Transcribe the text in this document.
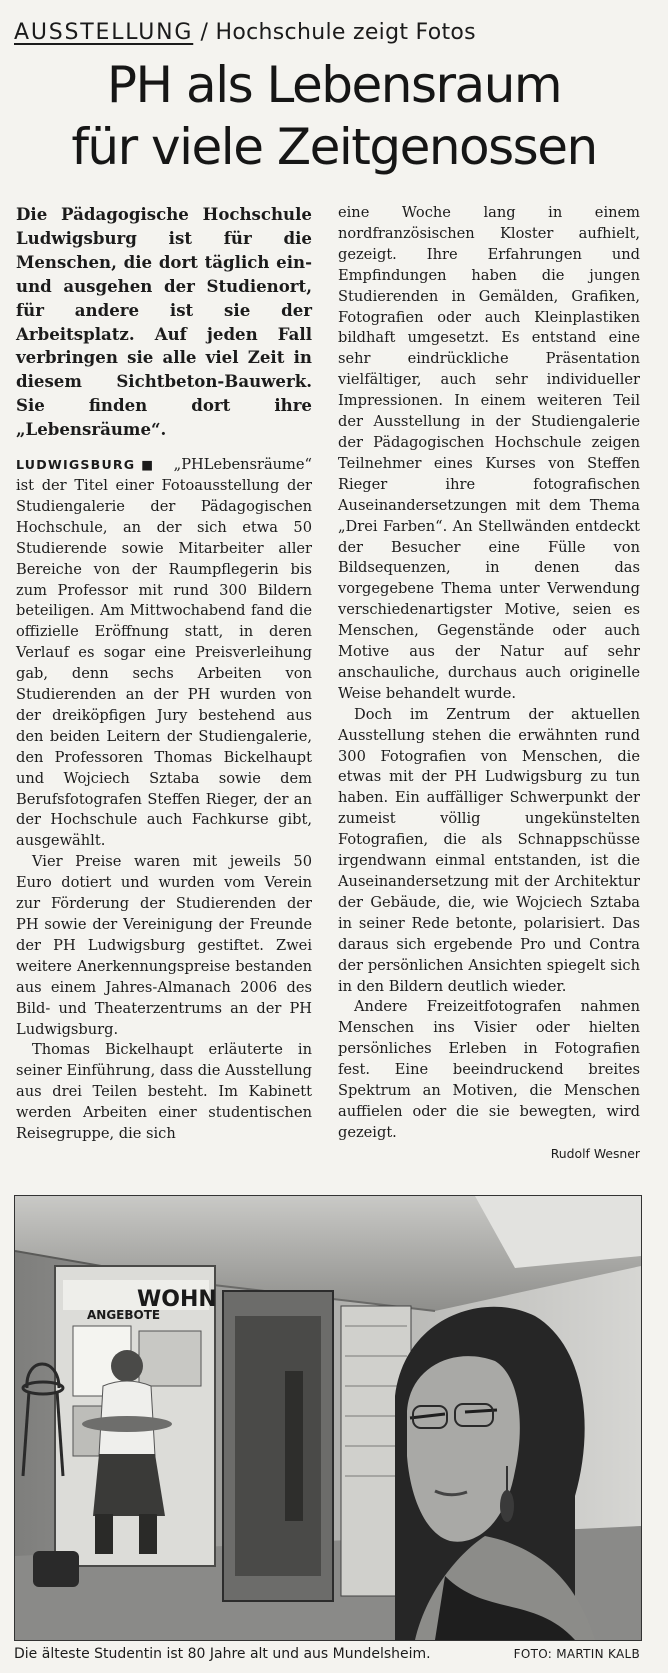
AUSSTELLUNG / Hochschule zeigt Fotos
PH als Lebensraum
für viele Zeitgenossen
Die Pädagogische Hochschule Ludwigsburg ist für die Menschen, die dort täglich ein- und ausgehen der Studienort, für andere ist sie der Arbeitsplatz. Auf jeden Fall verbringen sie alle viel Zeit in diesem Sichtbeton-Bauwerk. Sie finden dort ihre „Lebensräume“.

LUDWIGSBURG ■ „PHLebensräume“ ist der Titel einer Fotoausstellung der Studiengalerie der Pädagogischen Hochschule, an der sich etwa 50 Studierende sowie Mitarbeiter aller Bereiche von der Raumpflegerin bis zum Professor mit rund 300 Bildern beteiligen. Am Mittwochabend fand die offizielle Eröffnung statt, in deren Verlauf es sogar eine Preisverleihung gab, denn sechs Arbeiten von Studierenden an der PH wurden von der dreiköpfigen Jury bestehend aus den beiden Leitern der Studiengalerie, den Professoren Thomas Bickelhaupt und Wojciech Sztaba sowie dem Berufsfotografen Steffen Rieger, der an der Hochschule auch Fachkurse gibt, ausgewählt.

Vier Preise waren mit jeweils 50 Euro dotiert und wurden vom Verein zur Förderung der Studierenden der PH sowie der Vereinigung der Freunde der PH Ludwigsburg gestiftet. Zwei weitere Anerkennungspreise bestanden aus einem Jahres-Almanach 2006 des Bild- und Theaterzentrums an der PH Ludwigsburg.

Thomas Bickelhaupt erläuterte in seiner Einführung, dass die Ausstellung aus drei Teilen besteht. Im Kabinett werden Arbeiten einer studentischen Reisegruppe, die sich

eine Woche lang in einem nordfranzösischen Kloster aufhielt, gezeigt. Ihre Erfahrungen und Empfindungen haben die jungen Studierenden in Gemälden, Grafiken, Fotografien oder auch Kleinplastiken bildhaft umgesetzt. Es entstand eine sehr eindrückliche Präsentation vielfältiger, auch sehr individueller Impressionen. In einem weiteren Teil der Ausstellung in der Studiengalerie der Pädagogischen Hochschule zeigen Teilnehmer eines Kurses von Steffen Rieger ihre fotografischen Auseinandersetzungen mit dem Thema „Drei Farben“. An Stellwänden entdeckt der Besucher eine Fülle von Bildsequenzen, in denen das vorgegebene Thema unter Verwendung verschiedenartigster Motive, seien es Menschen, Gegenstände oder auch Motive aus der Natur auf sehr anschauliche, durchaus auch originelle Weise behandelt wurde.

Doch im Zentrum der aktuellen Ausstellung stehen die erwähnten rund 300 Fotografien von Menschen, die etwas mit der PH Ludwigsburg zu tun haben. Ein auffälliger Schwerpunkt der zumeist völlig ungekünstelten Fotografien, die als Schnappschüsse irgendwann einmal entstanden, ist die Auseinandersetzung mit der Architektur der Gebäude, die, wie Wojciech Sztaba in seiner Rede betonte, polarisiert. Das daraus sich ergebende Pro und Contra der persönlichen Ansichten spiegelt sich in den Bildern deutlich wieder.

Andere Freizeitfotografen nahmen Menschen ins Visier oder hielten persönliches Erleben in Fotografien fest. Eine beeindruckend breites Spektrum an Motiven, die Menschen auffielen oder die sie bewegten, wird gezeigt.

Rudolf Wesner
WOHN
ANGEBOTE
Die älteste Studentin ist 80 Jahre alt und aus Mundelsheim.	FOTO: MARTIN KALB
